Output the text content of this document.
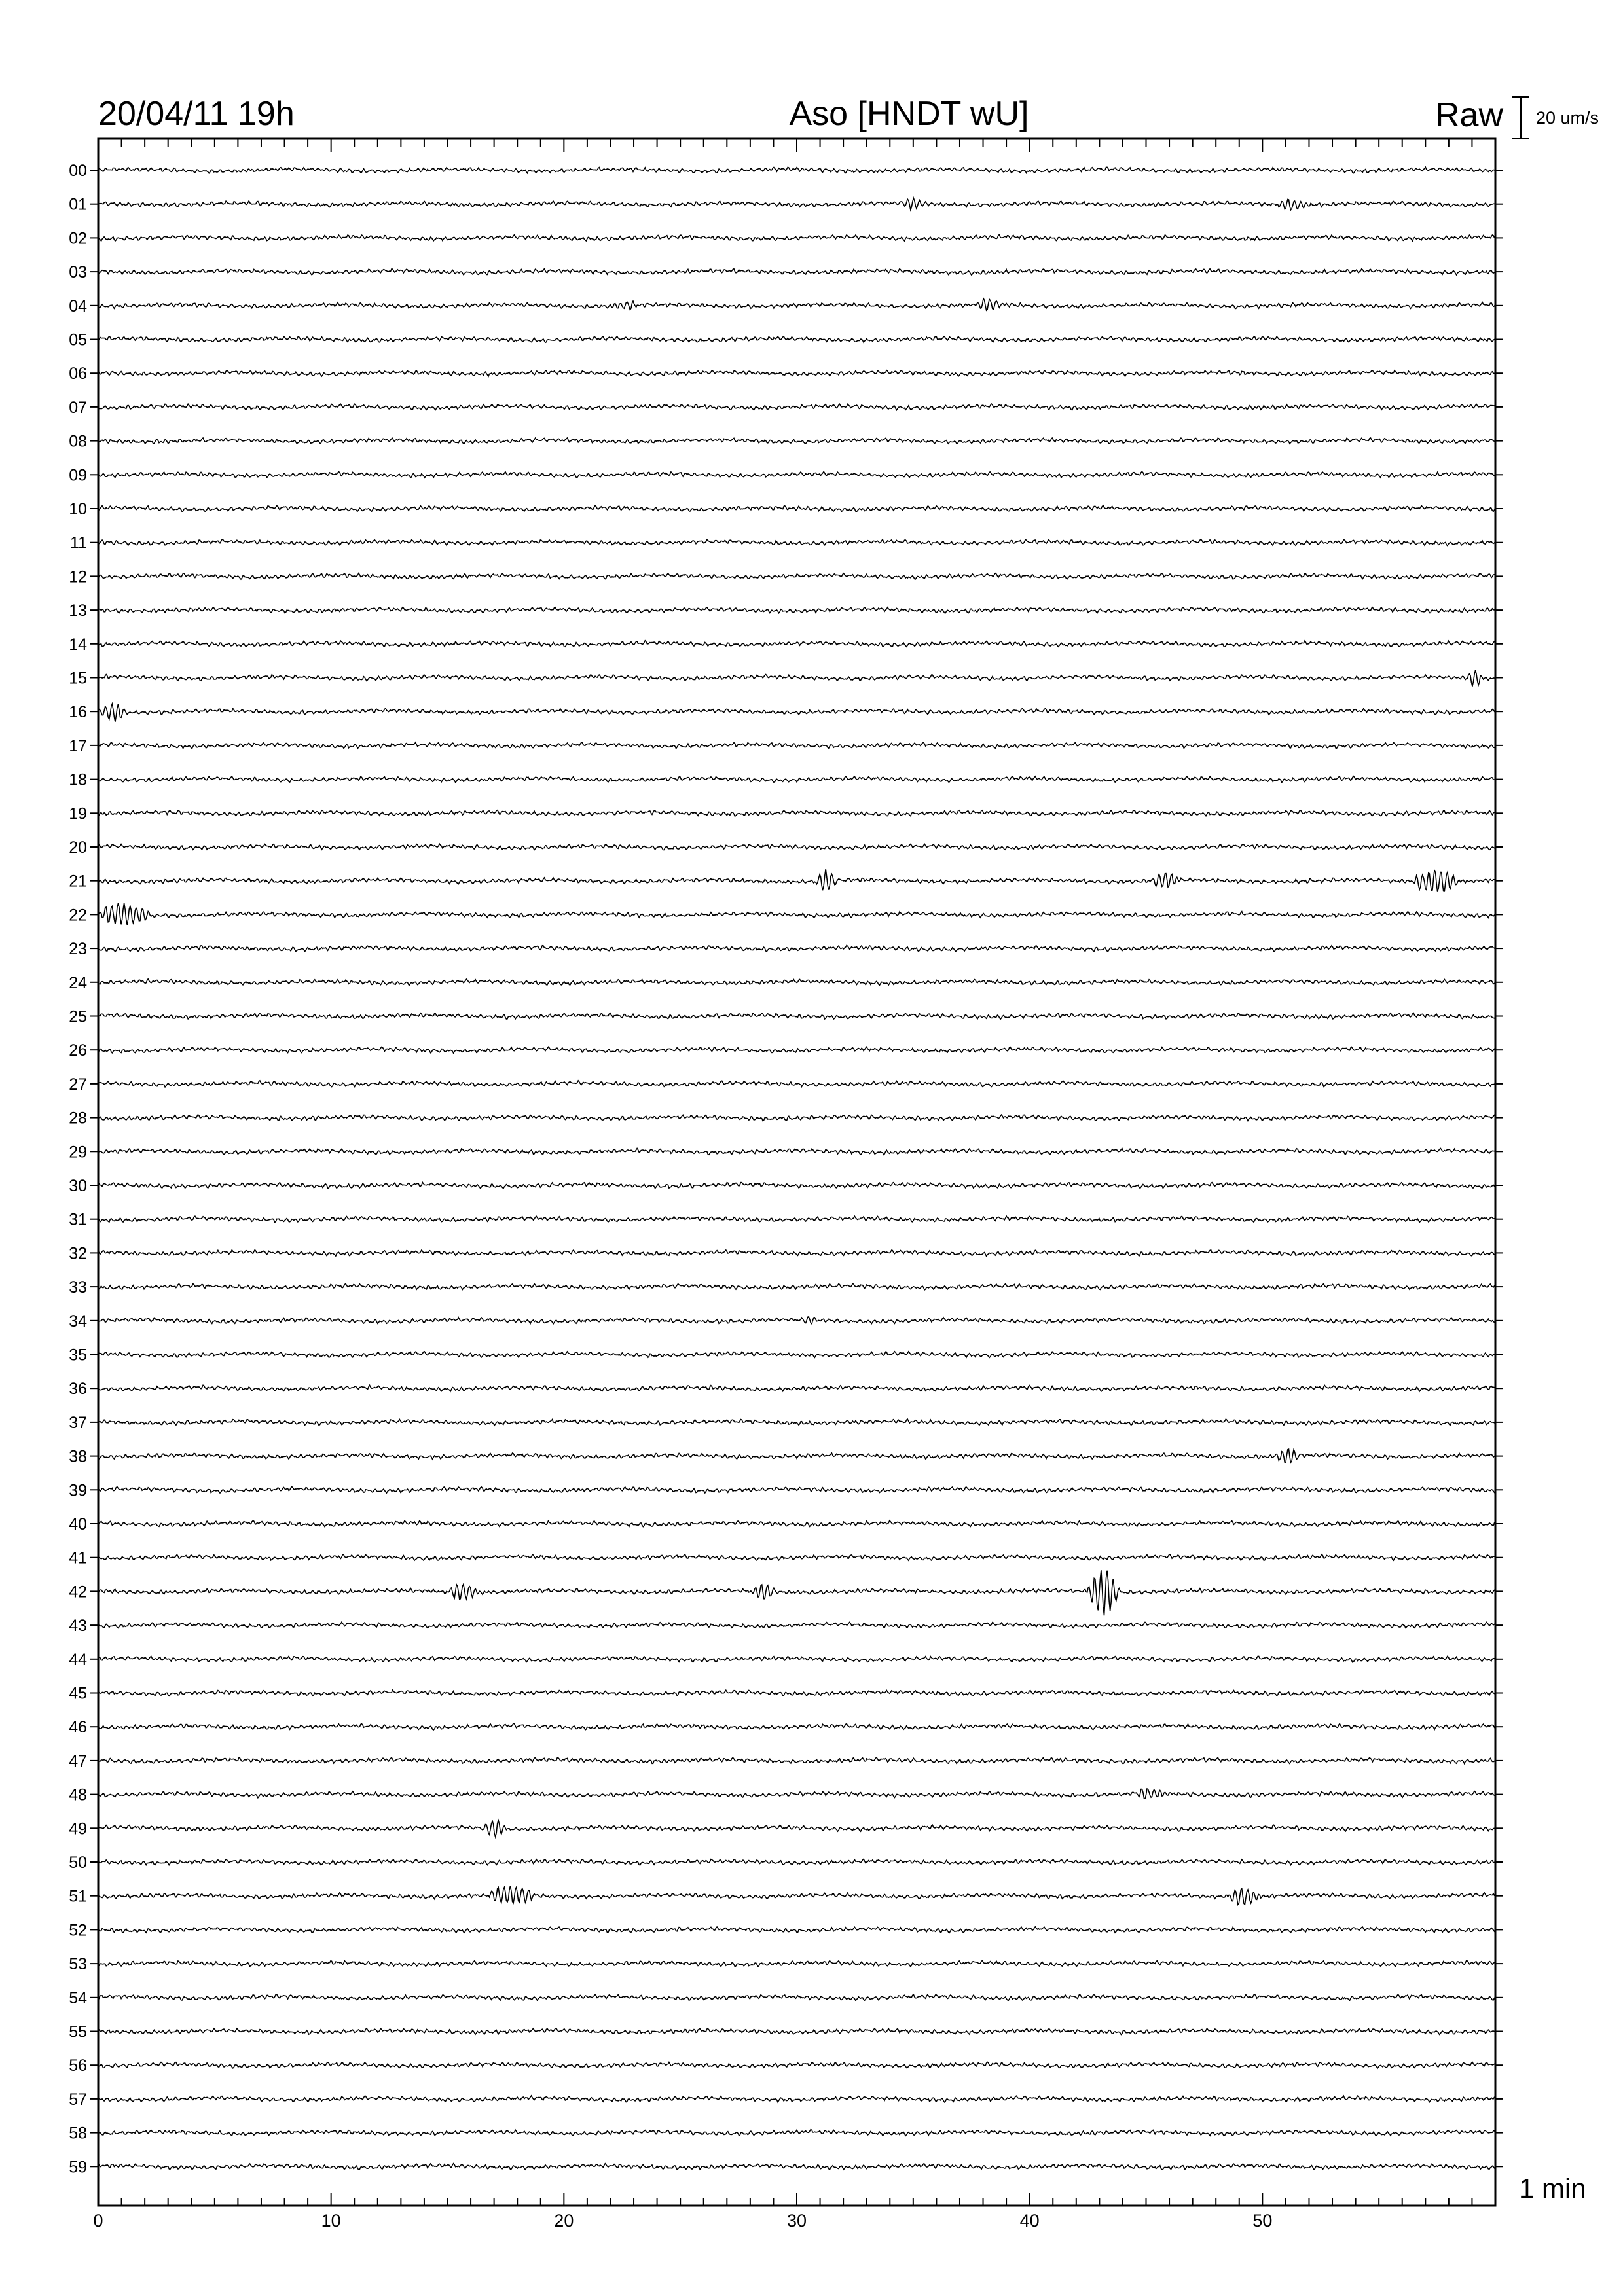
20/04/11 19h	Aso [HNDT wU]	Raw 20 um/s
1 min
00
01
02
03
04
05
06
07
08
09
10
11
12
13
14
15
16
17
18
19
20
21
22
23
24
25
26
27
28
29
30
31
32
33
34
35
36
37
38
39
40
41
42
43
44
45
46
47
48
49
50
51
52
53
54
55
56
57
58
59
0	10	20	30	40	50
